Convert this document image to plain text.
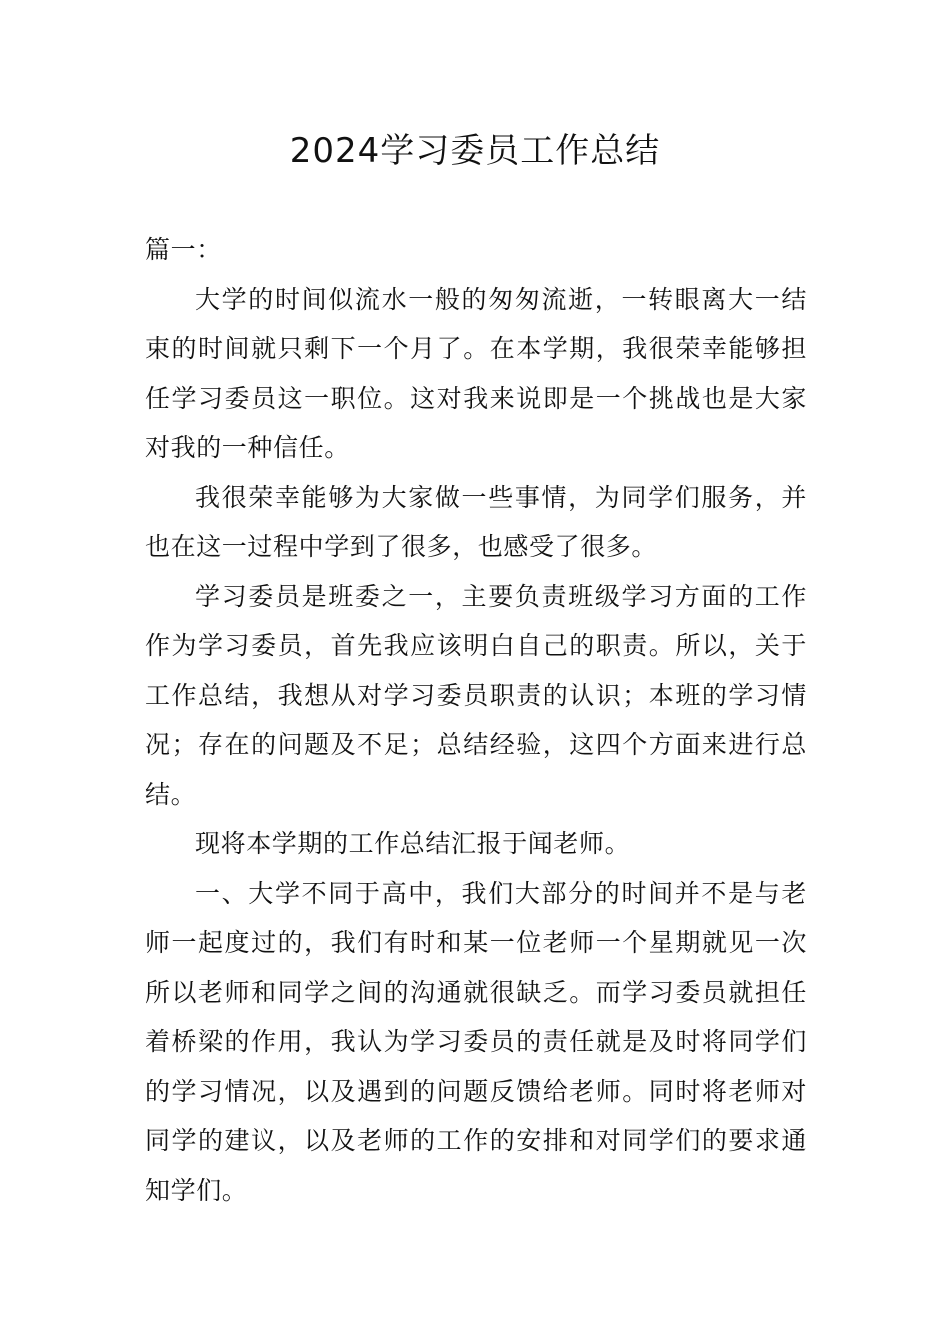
2024学习委员工作总结

篇一：

大学的时间似流水一般的匆匆流逝，一转眼离大一结束的时间就只剩下一个月了。在本学期，我很荣幸能够担任学习委员这一职位。这对我来说即是一个挑战也是大家对我的一种信任。

我很荣幸能够为大家做一些事情，为同学们服务，并也在这一过程中学到了很多，也感受了很多。

学习委员是班委之一，主要负责班级学习方面的工作作为学习委员，首先我应该明白自己的职责。所以，关于工作总结，我想从对学习委员职责的认识；本班的学习情况；存在的问题及不足；总结经验，这四个方面来进行总结。

现将本学期的工作总结汇报于闻老师。

一、大学不同于高中，我们大部分的时间并不是与老师一起度过的，我们有时和某一位老师一个星期就见一次所以老师和同学之间的沟通就很缺乏。而学习委员就担任着桥梁的作用，我认为学习委员的责任就是及时将同学们的学习情况，以及遇到的问题反馈给老师。同时将老师对同学的建议，以及老师的工作的安排和对同学们的要求通知学们。
